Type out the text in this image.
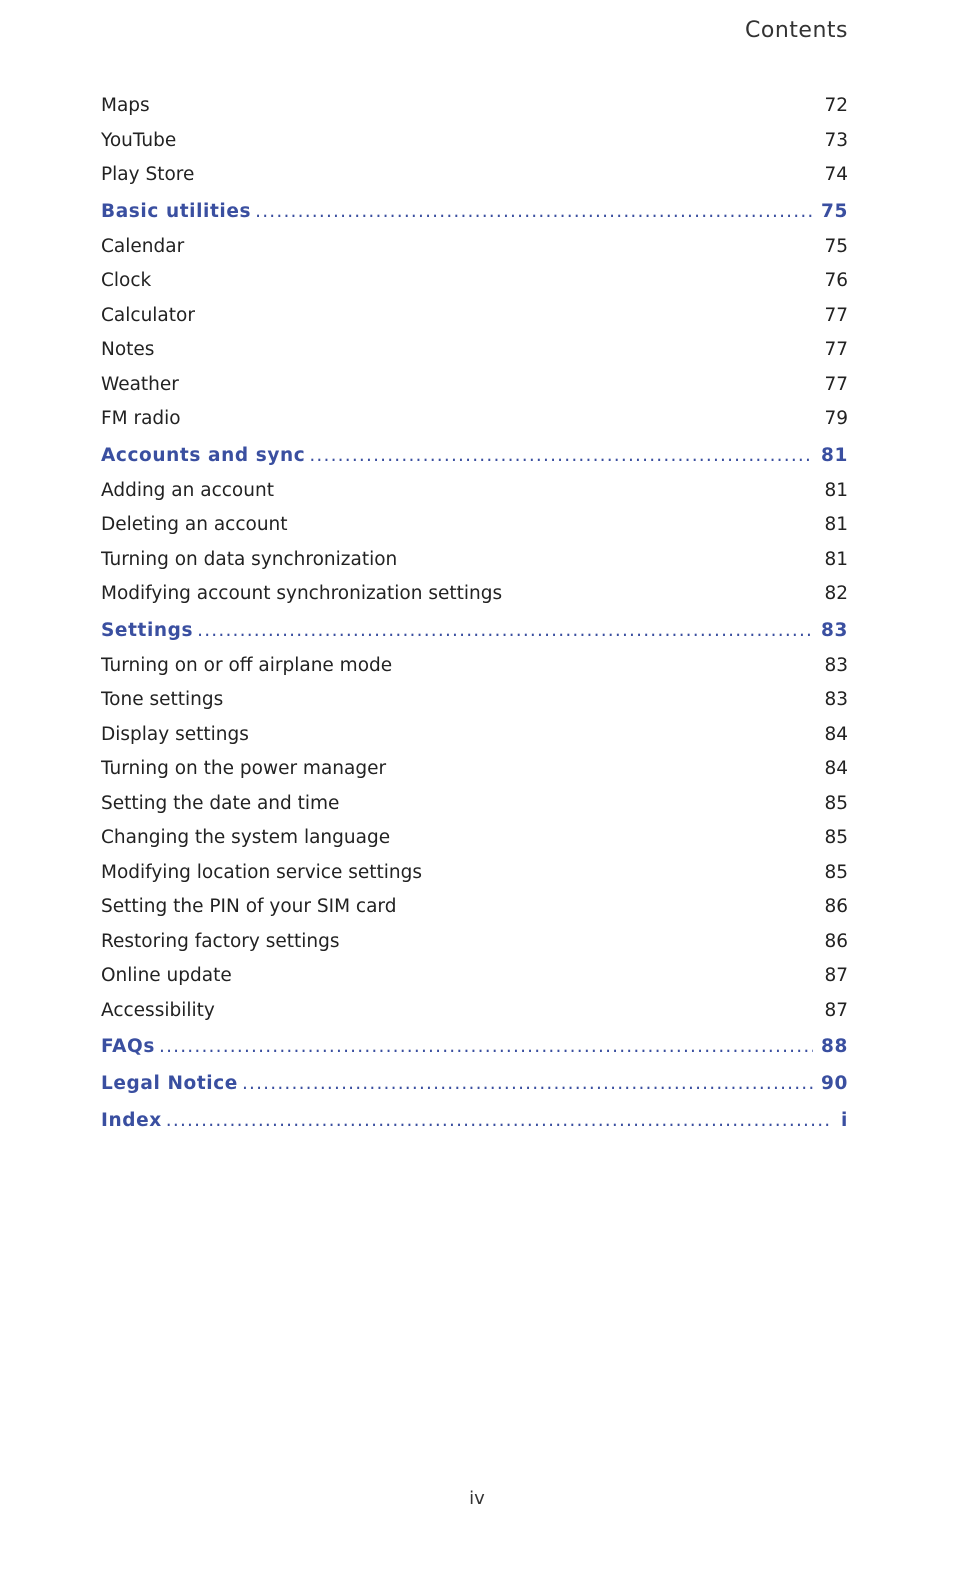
Contents
Maps	72
YouTube	73
Play Store	74
Basic utilities .....	75
Calendar	75
Clock	76
Calculator	77
Notes	77
Weather	77
FM radio	79
Accounts and sync .....	81
Adding an account	81
Deleting an account	81
Turning on data synchronization	81
Modifying account synchronization settings	82
Settings .....	83
Turning on or off airplane mode	83
Tone settings	83
Display settings	84
Turning on the power manager	84
Setting the date and time	85
Changing the system language	85
Modifying location service settings	85
Setting the PIN of your SIM card	86
Restoring factory settings	86
Online update	87
Accessibility	87
FAQs .....	88
Legal Notice .....	90
Index .....	i
iv
